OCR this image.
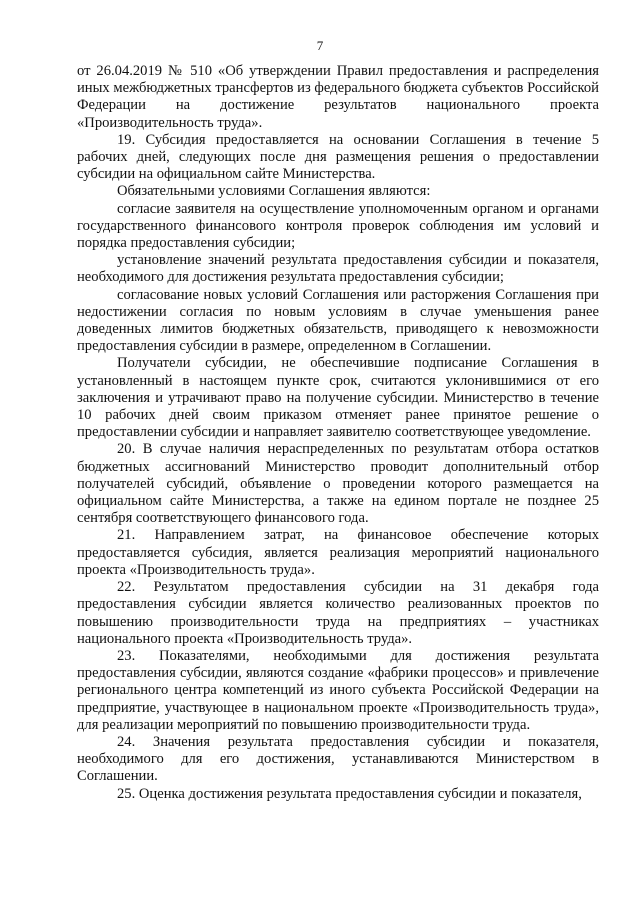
7

от 26.04.2019 № 510 «Об утверждении Правил предоставления и распределения иных межбюджетных трансфертов из федерального бюджета субъектов Российской Федерации на достижение результатов национального проекта «Производительность труда».

19. Субсидия предоставляется на основании Соглашения в течение 5 рабочих дней, следующих после дня размещения решения о предоставлении субсидии на официальном сайте Министерства.

Обязательными условиями Соглашения являются:

согласие заявителя на осуществление уполномоченным органом и органами государственного финансового контроля проверок соблюдения им условий и порядка предоставления субсидии;

установление значений результата предоставления субсидии и показателя, необходимого для достижения результата предоставления субсидии;

согласование новых условий Соглашения или расторжения Соглашения при недостижении согласия по новым условиям в случае уменьшения ранее доведенных лимитов бюджетных обязательств, приводящего к невозможности предоставления субсидии в размере, определенном в Соглашении.

Получатели субсидии, не обеспечившие подписание Соглашения в установленный в настоящем пункте срок, считаются уклонившимися от его заключения и утрачивают право на получение субсидии. Министерство в течение 10 рабочих дней своим приказом отменяет ранее принятое решение о предоставлении субсидии и направляет заявителю соответствующее уведомление.

20. В случае наличия нераспределенных по результатам отбора остатков бюджетных ассигнований Министерство проводит дополнительный отбор получателей субсидий, объявление о проведении которого размещается на официальном сайте Министерства, а также на едином портале не позднее 25 сентября соответствующего финансового года.

21. Направлением затрат, на финансовое обеспечение которых предоставляется субсидия, является реализация мероприятий национального проекта «Производительность труда».

22. Результатом предоставления субсидии на 31 декабря года предоставления субсидии является количество реализованных проектов по повышению производительности труда на предприятиях – участниках национального проекта «Производительность труда».

23. Показателями, необходимыми для достижения результата предоставления субсидии, являются создание «фабрики процессов» и привлечение регионального центра компетенций из иного субъекта Российской Федерации на предприятие, участвующее в национальном проекте «Производительность труда», для реализации мероприятий по повышению производительности труда.

24. Значения результата предоставления субсидии и показателя, необходимого для его достижения, устанавливаются Министерством в Соглашении.

25. Оценка достижения результата предоставления субсидии и показателя,
